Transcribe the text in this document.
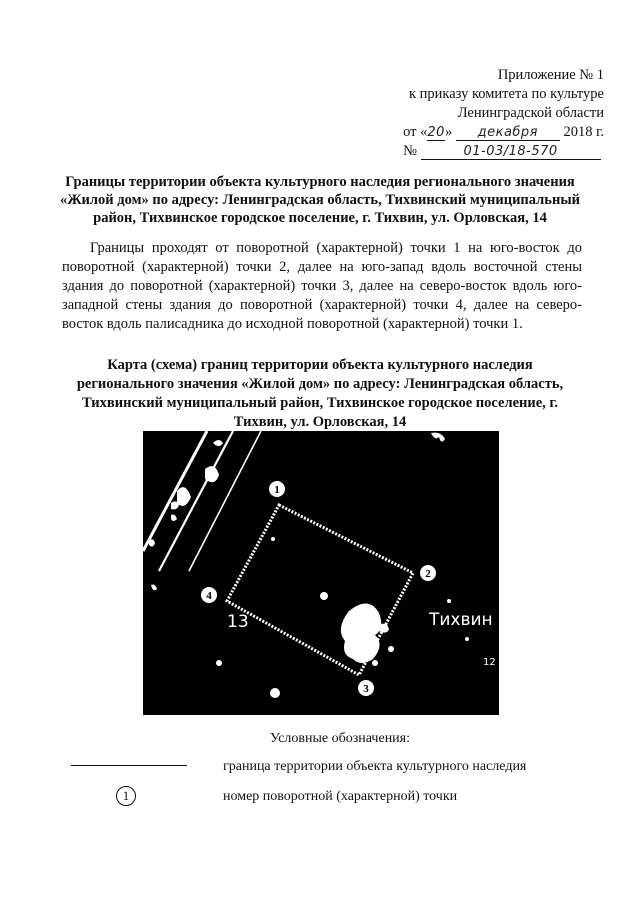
Приложение № 1
к приказу комитета по культуре
Ленинградской области
от «20» декабря 2018 г.
№	01-03/18-570
Границы территории объекта культурного наследия регионального значения «Жилой дом» по адресу: Ленинградская область, Тихвинский муниципальный район, Тихвинское городское поселение, г. Тихвин, ул. Орловская, 14
Границы проходят от поворотной (характерной) точки 1 на юго-восток до поворотной (характерной) точки 2, далее на юго-запад вдоль восточной стены здания до поворотной (характерной) точки 3, далее на северо-восток вдоль юго-западной стены здания до поворотной (характерной) точки 4, далее на северо-восток вдоль палисадника до исходной поворотной (характерной) точки 1.
Карта (схема) границ территории объекта культурного наследия регионального значения «Жилой дом» по адресу: Ленинградская область, Тихвинский муниципальный район, Тихвинское городское поселение, г. Тихвин, ул. Орловская, 14
1
2
3
4
13	Тихвин
12
Условные обозначения:
граница территории объекта культурного наследия
1	номер поворотной (характерной) точки
